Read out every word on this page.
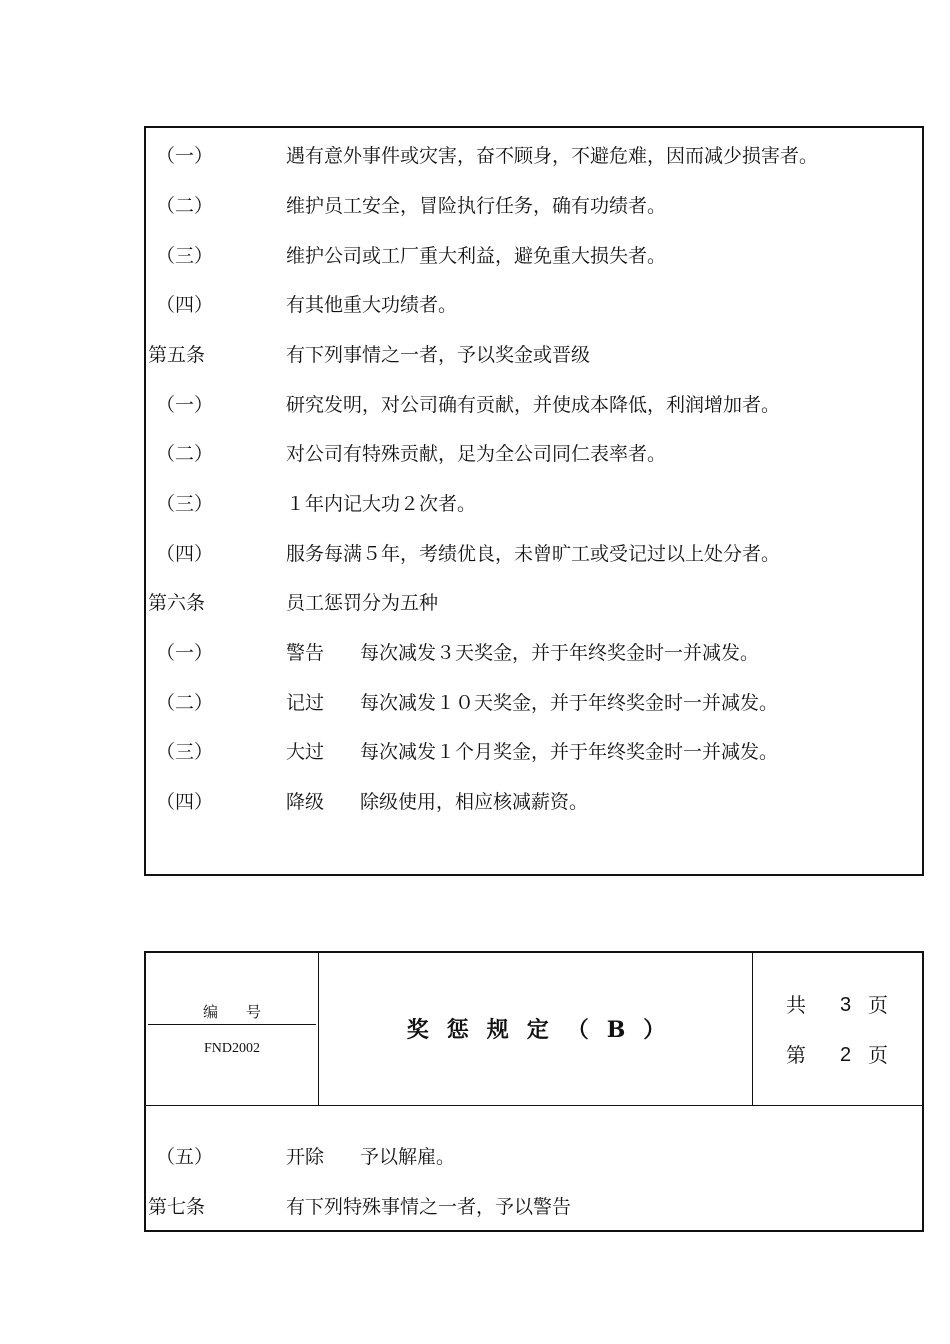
（一）	遇有意外事件或灾害，奋不顾身，不避危难，因而减少损害者。
（二）	维护员工安全，冒险执行任务，确有功绩者。
（三）	维护公司或工厂重大利益，避免重大损失者。
（四）	有其他重大功绩者。
第五条	有下列事情之一者，予以奖金或晋级
（一）	研究发明，对公司确有贡献，并使成本降低，利润增加者。
（二）	对公司有特殊贡献，足为全公司同仁表率者。
（三）	１年内记大功２次者。
（四）	服务每满５年，考绩优良，未曾旷工或受记过以上处分者。
第六条	员工惩罚分为五种
（一）	警告 每次减发３天奖金，并于年终奖金时一并减发。
（二）	记过 每次减发１０天奖金，并于年终奖金时一并减发。
（三）	大过 每次减发１个月奖金，并于年终奖金时一并减发。
（四）	降级 除级使用，相应核减薪资。
编号
FND2002
奖惩规定（B）
共 3 页
第 2 页
（五）	开除 予以解雇。
第七条	有下列特殊事情之一者，予以警告
